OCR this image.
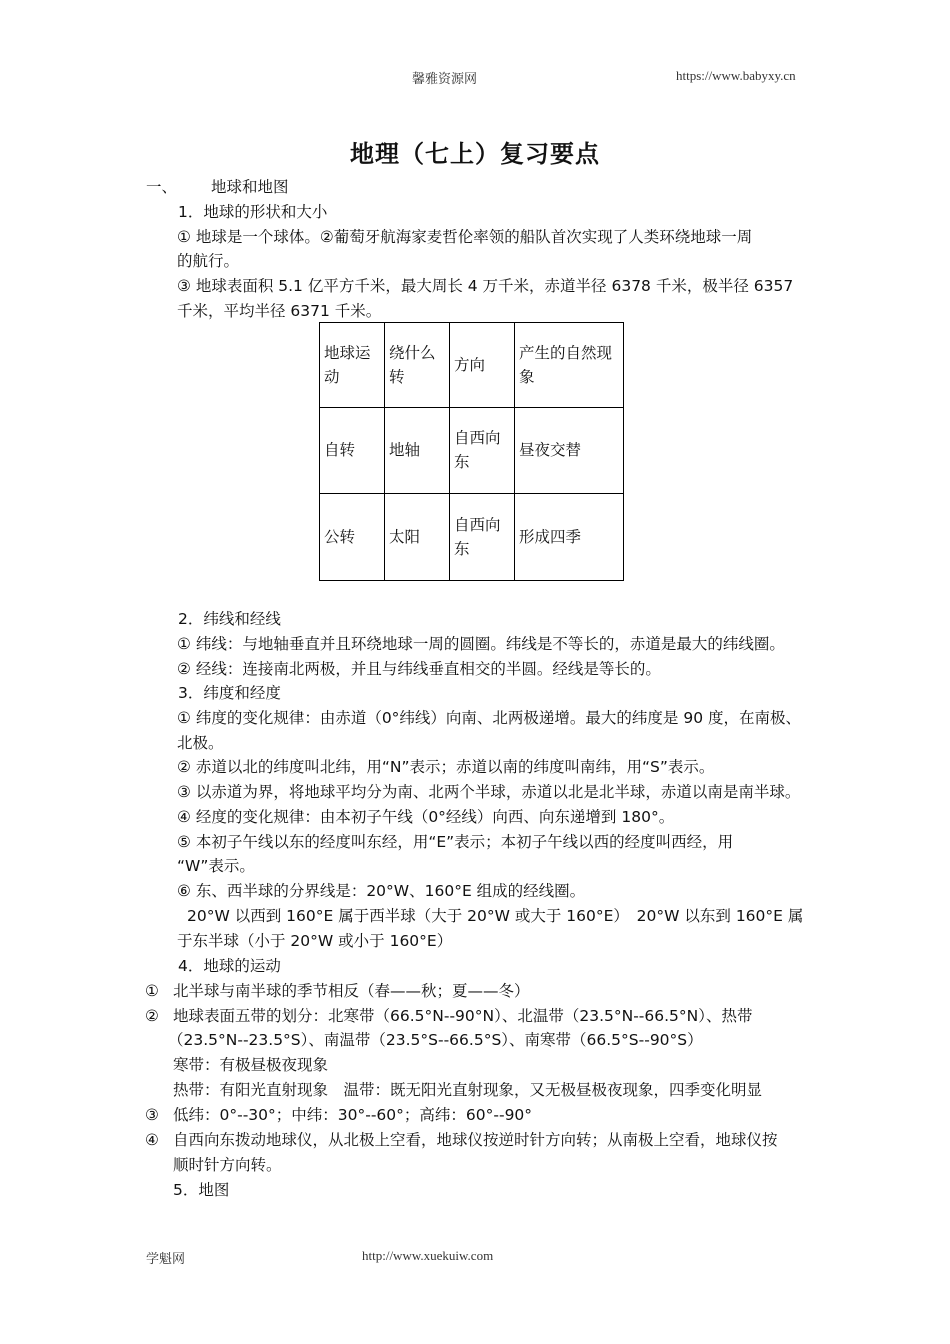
馨雅资源网	https://www.babyxy.cn
地理（七上）复习要点
一、 地球和地图
1．地球的形状和大小
① 地球是一个球体。②葡萄牙航海家麦哲伦率领的船队首次实现了人类环绕地球一周
的航行。
③ 地球表面积 5.1 亿平方千米，最大周长 4 万千米，赤道半径 6378 千米，极半径 6357
千米，平均半径 6371 千米。
地球运动	绕什么转	方向	产生的自然现象
自转	地轴	自西向东	昼夜交替
公转	太阳	自西向东	形成四季
2．纬线和经线
① 纬线：与地轴垂直并且环绕地球一周的圆圈。纬线是不等长的，赤道是最大的纬线圈。
② 经线：连接南北两极，并且与纬线垂直相交的半圆。经线是等长的。
3．纬度和经度
① 纬度的变化规律：由赤道（0°纬线）向南、北两极递增。最大的纬度是 90 度，在南极、
北极。
② 赤道以北的纬度叫北纬，用“N”表示；赤道以南的纬度叫南纬，用“S”表示。
③ 以赤道为界，将地球平均分为南、北两个半球，赤道以北是北半球，赤道以南是南半球。
④ 经度的变化规律：由本初子午线（0°经线）向西、向东递增到 180°。
⑤ 本初子午线以东的经度叫东经，用“E”表示；本初子午线以西的经度叫西经，用
“W”表示。
⑥ 东、西半球的分界线是：20°W、160°E 组成的经线圈。
20°W 以西到 160°E 属于西半球（大于 20°W 或大于 160°E）　20°W 以东到 160°E 属
于东半球（小于 20°W 或小于 160°E）
4．地球的运动
① 北半球与南半球的季节相反（春——秋；夏——冬）
② 地球表面五带的划分：北寒带（66.5°N--90°N）、北温带（23.5°N--66.5°N）、热带
（23.5°N--23.5°S）、南温带（23.5°S--66.5°S）、南寒带（66.5°S--90°S）
寒带：有极昼极夜现象
热带：有阳光直射现象　温带：既无阳光直射现象，又无极昼极夜现象，四季变化明显
③ 低纬：0°--30°；中纬：30°--60°；高纬：60°--90°
④ 自西向东拨动地球仪，从北极上空看，地球仪按逆时针方向转；从南极上空看，地球仪按
顺时针方向转。
5．地图
学魁网	http://www.xuekuiw.com
